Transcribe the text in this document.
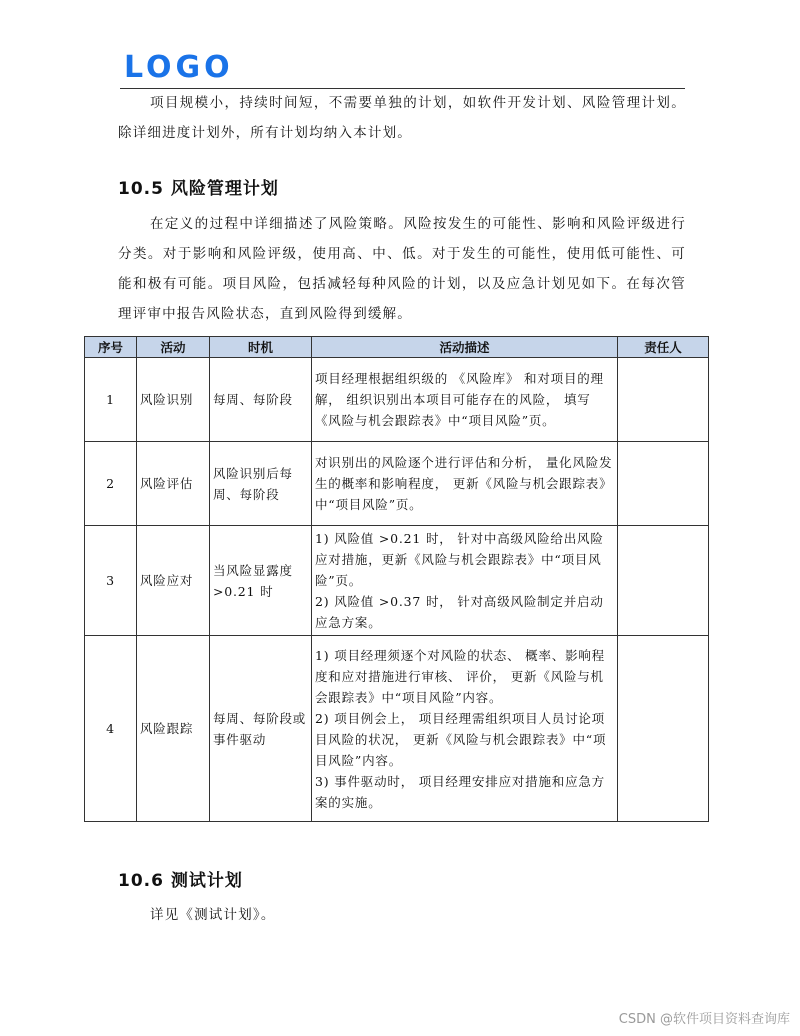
LOGO

项目规模小，持续时间短，不需要单独的计划，如软件开发计划、风险管理计划。除详细进度计划外，所有计划均纳入本计划。

10.5 风险管理计划

在定义的过程中详细描述了风险策略。风险按发生的可能性、影响和风险评级进行分类。对于影响和风险评级，使用高、中、低。对于发生的可能性，使用低可能性、可能和极有可能。项目风险，包括减轻每种风险的计划，以及应急计划见如下。在每次管理评审中报告风险状态，直到风险得到缓解。

序号	活动	时机	活动描述	责任人
1	风险识别	每周、每阶段	项目经理根据组织级的 《风险库》 和对项目的理解， 组织识别出本项目可能存在的风险， 填写《风险与机会跟踪表》中“项目风险”页。	

2	风险评估	风险识别后每周、每阶段	对识别出的风险逐个进行评估和分析， 量化风险发生的概率和影响程度， 更新《风险与机会跟踪表》中“项目风险”页。	

3	风险应对	当风险显露度>0.21 时	1) 风险值 >0.21 时， 针对中高级风险给出风险应对措施，更新《风险与机会跟踪表》中“项目风险”页。
2) 风险值 >0.37 时， 针对高级风险制定并启动应急方案。	

4	风险跟踪	每周、每阶段或事件驱动	1) 项目经理须逐个对风险的状态、 概率、影响程度和应对措施进行审核、 评价， 更新《风险与机会跟踪表》中“项目风险”内容。
2) 项目例会上， 项目经理需组织项目人员讨论项目风险的状况， 更新《风险与机会跟踪表》中“项目风险”内容。
3) 事件驱动时， 项目经理安排应对措施和应急方案的实施。	

10.6 测试计划

详见《测试计划》。

CSDN @软件项目资料查询库
